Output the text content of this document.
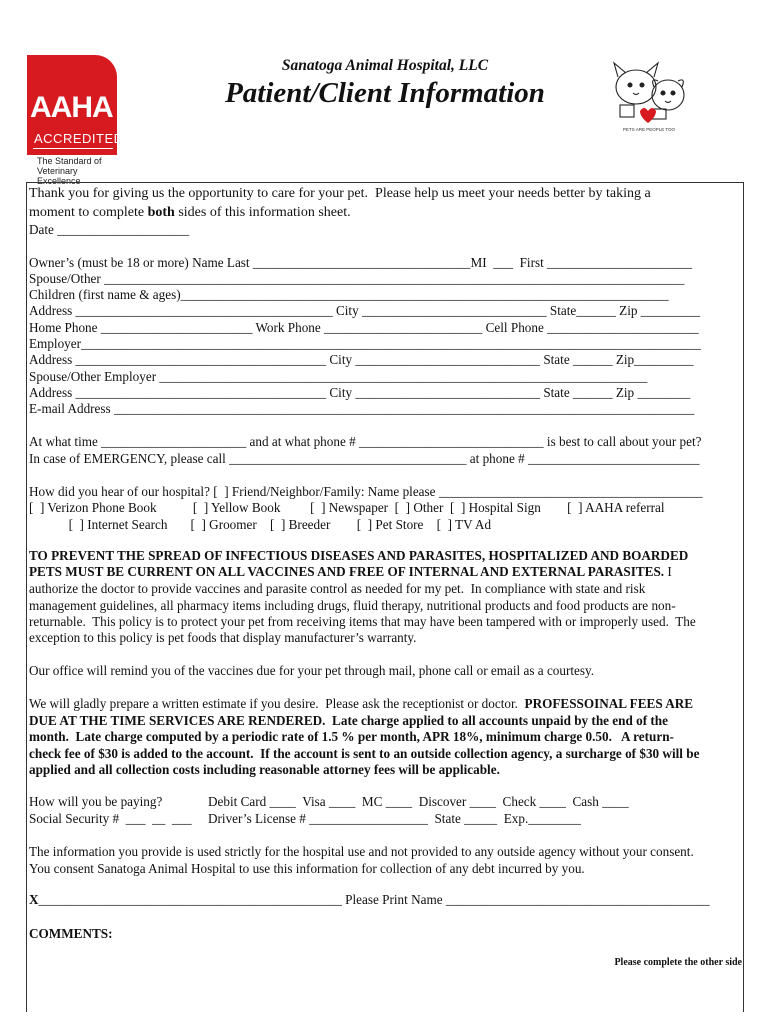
AAHA
ACCREDITED
The Standard of
Veterinary Excellence
Sanatoga Animal Hospital, LLC
Patient/Client Information
PETS ARE PEOPLE TOO
Thank you for giving us the opportunity to care for your pet.  Please help us meet your needs better by taking a
moment to complete both sides of this information sheet.
Date ____________________
Owner’s (must be 18 or more) Name Last _________________________________MI  ___  First ______________________
Spouse/Other ________________________________________________________________________________________
Children (first name & ages)__________________________________________________________________________
Address _______________________________________ City ____________________________ State______ Zip _________
Home Phone _______________________ Work Phone ________________________ Cell Phone _______________________
Employer______________________________________________________________________________________________
Address ______________________________________ City ____________________________ State ______ Zip_________
Spouse/Other Employer __________________________________________________________________________
Address ______________________________________ City ____________________________ State ______ Zip ________
E-mail Address ________________________________________________________________________________________
At what time ______________________ and at what phone # ____________________________ is best to call about your pet?
In case of EMERGENCY, please call ____________________________________ at phone # __________________________
How did you hear of our hospital? [  ] Friend/Neighbor/Family: Name please ________________________________________
[  ] Verizon Phone Book           [  ] Yellow Book         [  ] Newspaper  [  ] Other  [  ] Hospital Sign        [  ] AAHA referral
[  ] Internet Search       [  ] Groomer    [  ] Breeder        [  ] Pet Store    [  ] TV Ad
TO PREVENT THE SPREAD OF INFECTIOUS DISEASES AND PARASITES, HOSPITALIZED AND BOARDED
PETS MUST BE CURRENT ON ALL VACCINES AND FREE OF INTERNAL AND EXTERNAL PARASITES. I
authorize the doctor to provide vaccines and parasite control as needed for my pet.  In compliance with state and risk
management guidelines, all pharmacy items including drugs, fluid therapy, nutritional products and food products are non-
returnable.  This policy is to protect your pet from receiving items that may have been tampered with or improperly used.  The
exception to this policy is pet foods that display manufacturer’s warranty.
Our office will remind you of the vaccines due for your pet through mail, phone call or email as a courtesy.
We will gladly prepare a written estimate if you desire.  Please ask the receptionist or doctor.  PROFESSOINAL FEES ARE
DUE AT THE TIME SERVICES ARE RENDERED.  Late charge applied to all accounts unpaid by the end of the
month.  Late charge computed by a periodic rate of 1.5 % per month, APR 18%, minimum charge 0.50.   A return-
check fee of $30 is added to the account.  If the account is sent to an outside collection agency, a surcharge of $30 will be
applied and all collection costs including reasonable attorney fees will be applicable.
How will you be paying?	Debit Card ____  Visa ____  MC ____  Discover ____  Check ____  Cash ____
Social Security #  ___  __  ___ Driver’s License # __________________  State _____  Exp.________
The information you provide is used strictly for the hospital use and not provided to any outside agency without your consent.
You consent Sanatoga Animal Hospital to use this information for collection of any debt incurred by you.
X______________________________________________ Please Print Name ________________________________________
COMMENTS:
Please complete the other side
